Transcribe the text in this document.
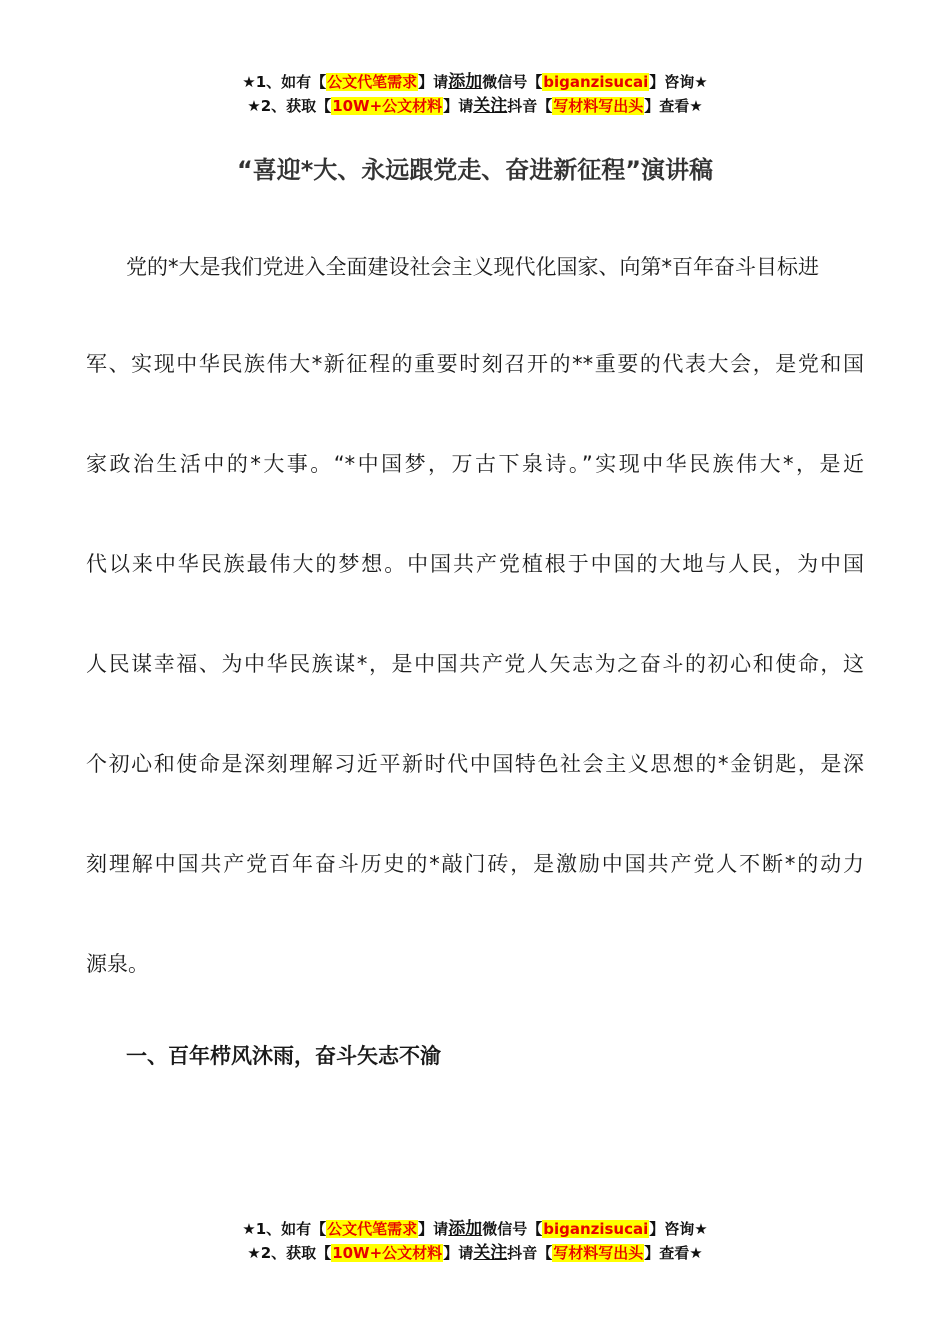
★1、如有【公文代笔需求】请添加微信号【biganzisucai】咨询★
★2、获取【10W+公文材料】请关注抖音【写材料写出头】查看★
“喜迎*大、永远跟党走、奋进新征程”演讲稿
党的*大是我们党进入全面建设社会主义现代化国家、向第*百年奋斗目标进
军、实现中华民族伟大*新征程的重要时刻召开的**重要的代表大会，是党和国
家政治生活中的*大事。“*中国梦，万古下泉诗。”实现中华民族伟大*，是近
代以来中华民族最伟大的梦想。中国共产党植根于中国的大地与人民，为中国
人民谋幸福、为中华民族谋*，是中国共产党人矢志为之奋斗的初心和使命，这
个初心和使命是深刻理解习近平新时代中国特色社会主义思想的*金钥匙，是深
刻理解中国共产党百年奋斗历史的*敲门砖，是激励中国共产党人不断*的动力
源泉。
一、百年栉风沐雨，奋斗矢志不渝
★1、如有【公文代笔需求】请添加微信号【biganzisucai】咨询★
★2、获取【10W+公文材料】请关注抖音【写材料写出头】查看★
